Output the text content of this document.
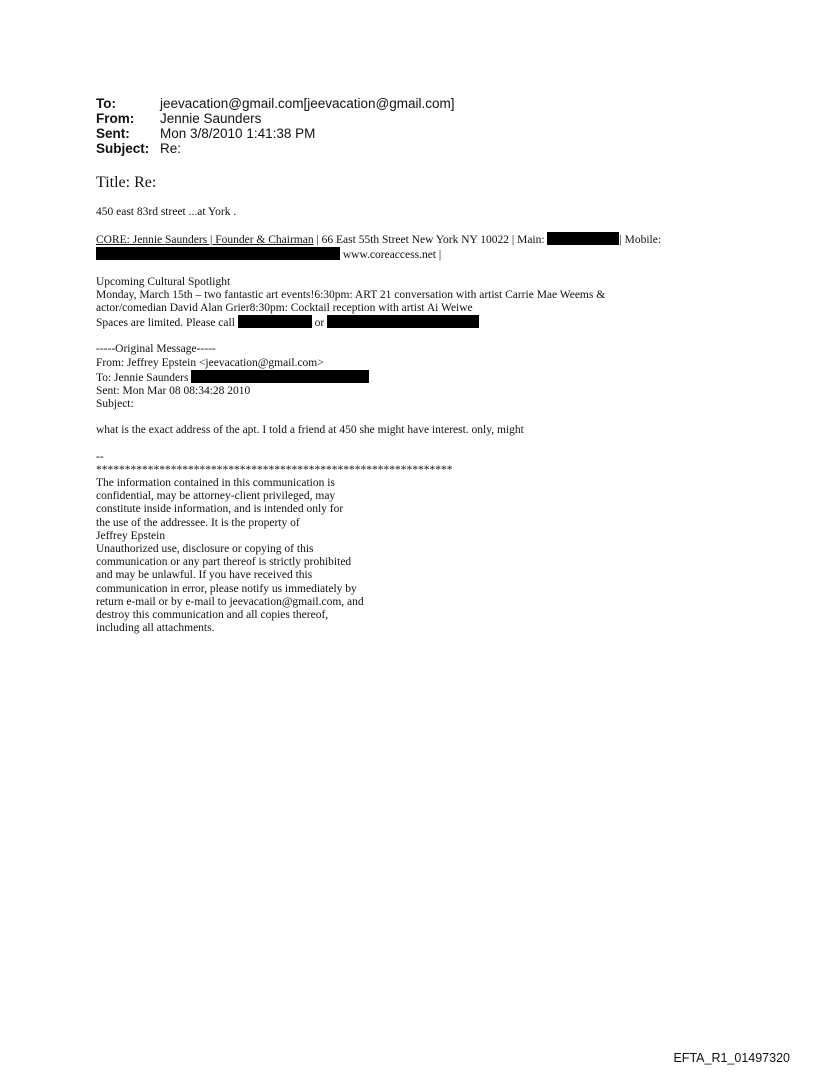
To:	jeevacation@gmail.com[jeevacation@gmail.com]
From:	Jennie Saunders
Sent:	Mon 3/8/2010 1:41:38 PM
Subject: Re:
Title: Re:

450 east 83rd street ...at York .

CORE: Jennie Saunders | Founder & Chairman | 66 East 55th Street New York NY 10022 | Main:	| Mobile:

www.coreaccess.net |

Upcoming Cultural Spotlight

Monday, March 15th – two fantastic art events!6:30pm: ART 21 conversation with artist Carrie Mae Weems &

actor/comedian David Alan Grier8:30pm: Cocktail reception with artist Ai Weiwe

Spaces are limited. Please call	or

-----Original Message-----

From: Jeffrey Epstein <jeevacation@gmail.com>

To: Jennie Saunders

Sent: Mon Mar 08 08:34:28 2010

Subject:

what is the exact address of the apt. I told a friend at 450 she might have interest. only, might

--

**************************************************************

The information contained in this communication is

confidential, may be attorney-client privileged, may

constitute inside information, and is intended only for

the use of the addressee. It is the property of

Jeffrey Epstein

Unauthorized use, disclosure or copying of this

communication or any part thereof is strictly prohibited

and may be unlawful. If you have received this

communication in error, please notify us immediately by

return e-mail or by e-mail to jeevacation@gmail.com, and

destroy this communication and all copies thereof,

including all attachments.

EFTA_R1_01497320
